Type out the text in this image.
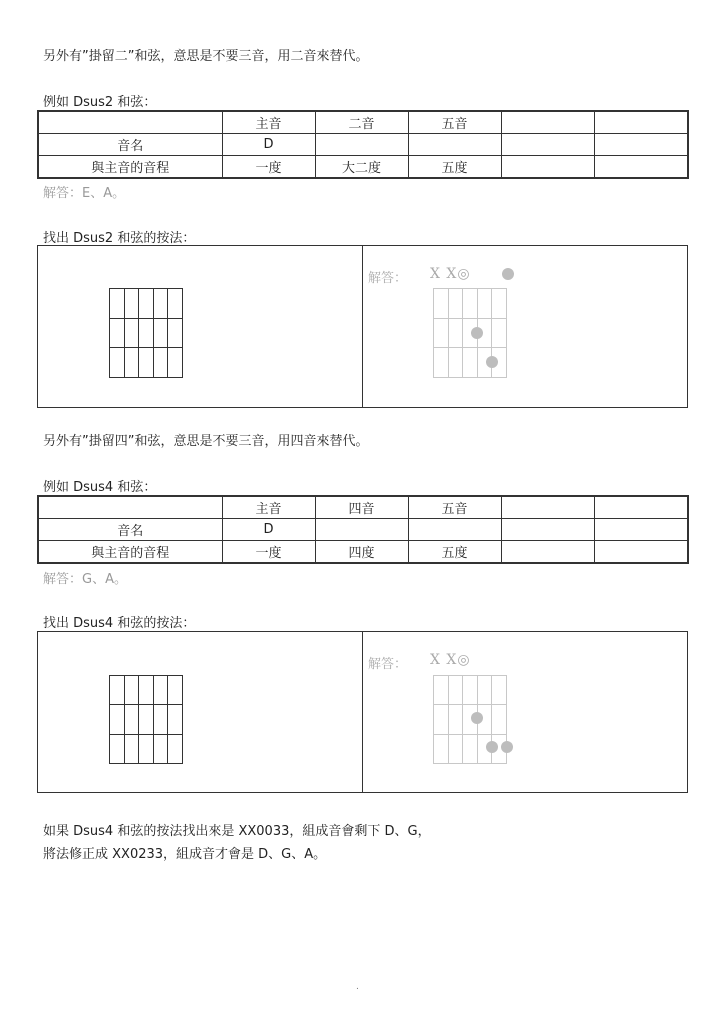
另外有”掛留二”和弦，意思是不要三音，用二音來替代。
例如 Dsus2 和弦：
	主音	二音	五音		
音名	D				
與主音的音程	一度	大二度	五度		
解答：E、A。
找出 Dsus2 和弦的按法：
解答： X X◎
另外有”掛留四”和弦，意思是不要三音，用四音來替代。
例如 Dsus4 和弦：
	主音	四音	五音		
音名	D				
與主音的音程	一度	四度	五度		
解答：G、A。
找出 Dsus4 和弦的按法：
解答： X X◎
如果 Dsus4 和弦的按法找出來是 XX0033，組成音會剩下 D、G，
將法修正成 XX0233，組成音才會是 D、G、A。
.
